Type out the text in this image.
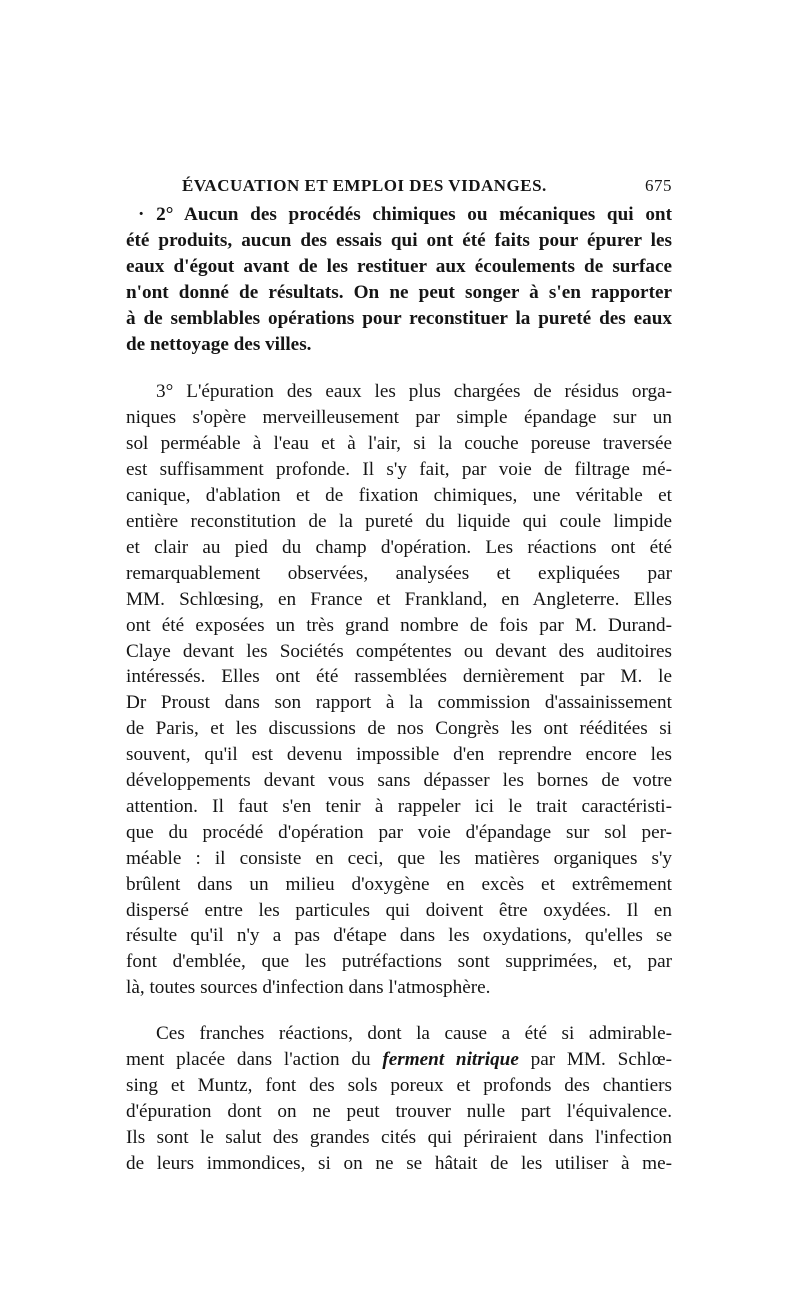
ÉVACUATION ET EMPLOI DES VIDANGES.	675

· 2° Aucun des procédés chimiques ou mécaniques qui ont
été produits, aucun des essais qui ont été faits pour épurer les
eaux d'égout avant de les restituer aux écoulements de surface
n'ont donné de résultats. On ne peut songer à s'en rapporter
à de semblables opérations pour reconstituer la pureté des eaux
de nettoyage des villes.

3° L'épuration des eaux les plus chargées de résidus orga-
niques s'opère merveilleusement par simple épandage sur un
sol perméable à l'eau et à l'air, si la couche poreuse traversée
est suffisamment profonde. Il s'y fait, par voie de filtrage mé-
canique, d'ablation et de fixation chimiques, une véritable et
entière reconstitution de la pureté du liquide qui coule limpide
et clair au pied du champ d'opération. Les réactions ont été
remarquablement observées, analysées et expliquées par
MM. Schlœsing, en France et Frankland, en Angleterre. Elles
ont été exposées un très grand nombre de fois par M. Durand-
Claye devant les Sociétés compétentes ou devant des auditoires
intéressés. Elles ont été rassemblées dernièrement par M. le
Dr Proust dans son rapport à la commission d'assainissement
de Paris, et les discussions de nos Congrès les ont rééditées si
souvent, qu'il est devenu impossible d'en reprendre encore les
développements devant vous sans dépasser les bornes de votre
attention. Il faut s'en tenir à rappeler ici le trait caractéristi-
que du procédé d'opération par voie d'épandage sur sol per-
méable : il consiste en ceci, que les matières organiques s'y
brûlent dans un milieu d'oxygène en excès et extrêmement
dispersé entre les particules qui doivent être oxydées. Il en
résulte qu'il n'y a pas d'étape dans les oxydations, qu'elles se
font d'emblée, que les putréfactions sont supprimées, et, par
là, toutes sources d'infection dans l'atmosphère.

Ces franches réactions, dont la cause a été si admirable-
ment placée dans l'action du ferment nitrique par MM. Schlœ-
sing et Muntz, font des sols poreux et profonds des chantiers
d'épuration dont on ne peut trouver nulle part l'équivalence.
Ils sont le salut des grandes cités qui périraient dans l'infection
de leurs immondices, si on ne se hâtait de les utiliser à me-
